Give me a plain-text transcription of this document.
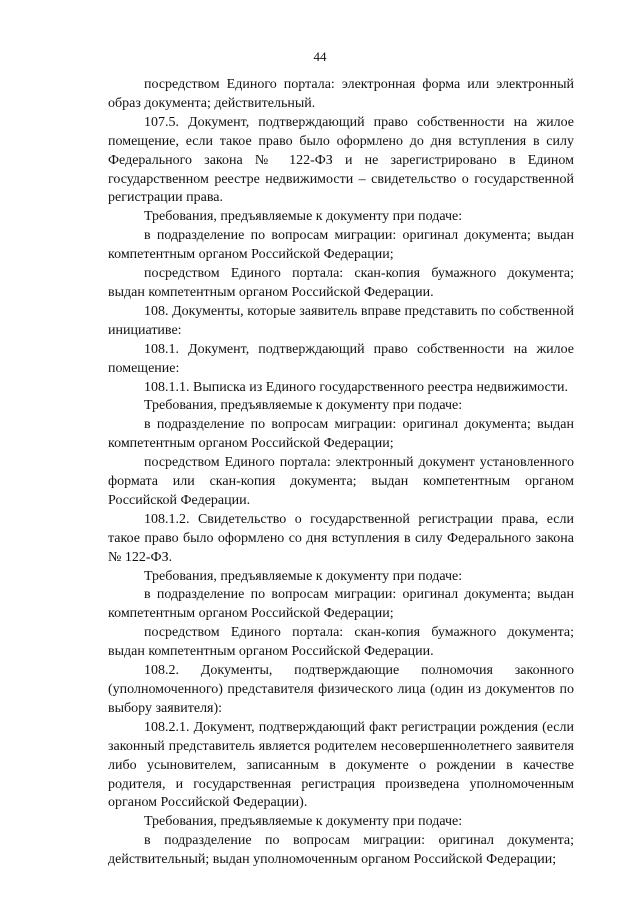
44

посредством Единого портала: электронная форма или электронный образ документа; действительный.

107.5. Документ, подтверждающий право собственности на жилое помещение, если такое право было оформлено до дня вступления в силу Федерального закона № 122-ФЗ и не зарегистрировано в Едином государственном реестре недвижимости – свидетельство о государственной регистрации права.

Требования, предъявляемые к документу при подаче:

в подразделение по вопросам миграции: оригинал документа; выдан компетентным органом Российской Федерации;

посредством Единого портала: скан-копия бумажного документа; выдан компетентным органом Российской Федерации.

108. Документы, которые заявитель вправе представить по собственной инициативе:

108.1. Документ, подтверждающий право собственности на жилое помещение:

108.1.1. Выписка из Единого государственного реестра недвижимости.

Требования, предъявляемые к документу при подаче:

в подразделение по вопросам миграции: оригинал документа; выдан компетентным органом Российской Федерации;

посредством Единого портала: электронный документ установленного формата или скан-копия документа; выдан компетентным органом Российской Федерации.

108.1.2. Свидетельство о государственной регистрации права, если такое право было оформлено со дня вступления в силу Федерального закона № 122-ФЗ.

Требования, предъявляемые к документу при подаче:

в подразделение по вопросам миграции: оригинал документа; выдан компетентным органом Российской Федерации;

посредством Единого портала: скан-копия бумажного документа; выдан компетентным органом Российской Федерации.

108.2. Документы, подтверждающие полномочия законного (уполномоченного) представителя физического лица (один из документов по выбору заявителя):

108.2.1. Документ, подтверждающий факт регистрации рождения (если законный представитель является родителем несовершеннолетнего заявителя либо усыновителем, записанным в документе о рождении в качестве родителя, и государственная регистрация произведена уполномоченным органом Российской Федерации).

Требования, предъявляемые к документу при подаче:

в подразделение по вопросам миграции: оригинал документа; действительный; выдан уполномоченным органом Российской Федерации;
